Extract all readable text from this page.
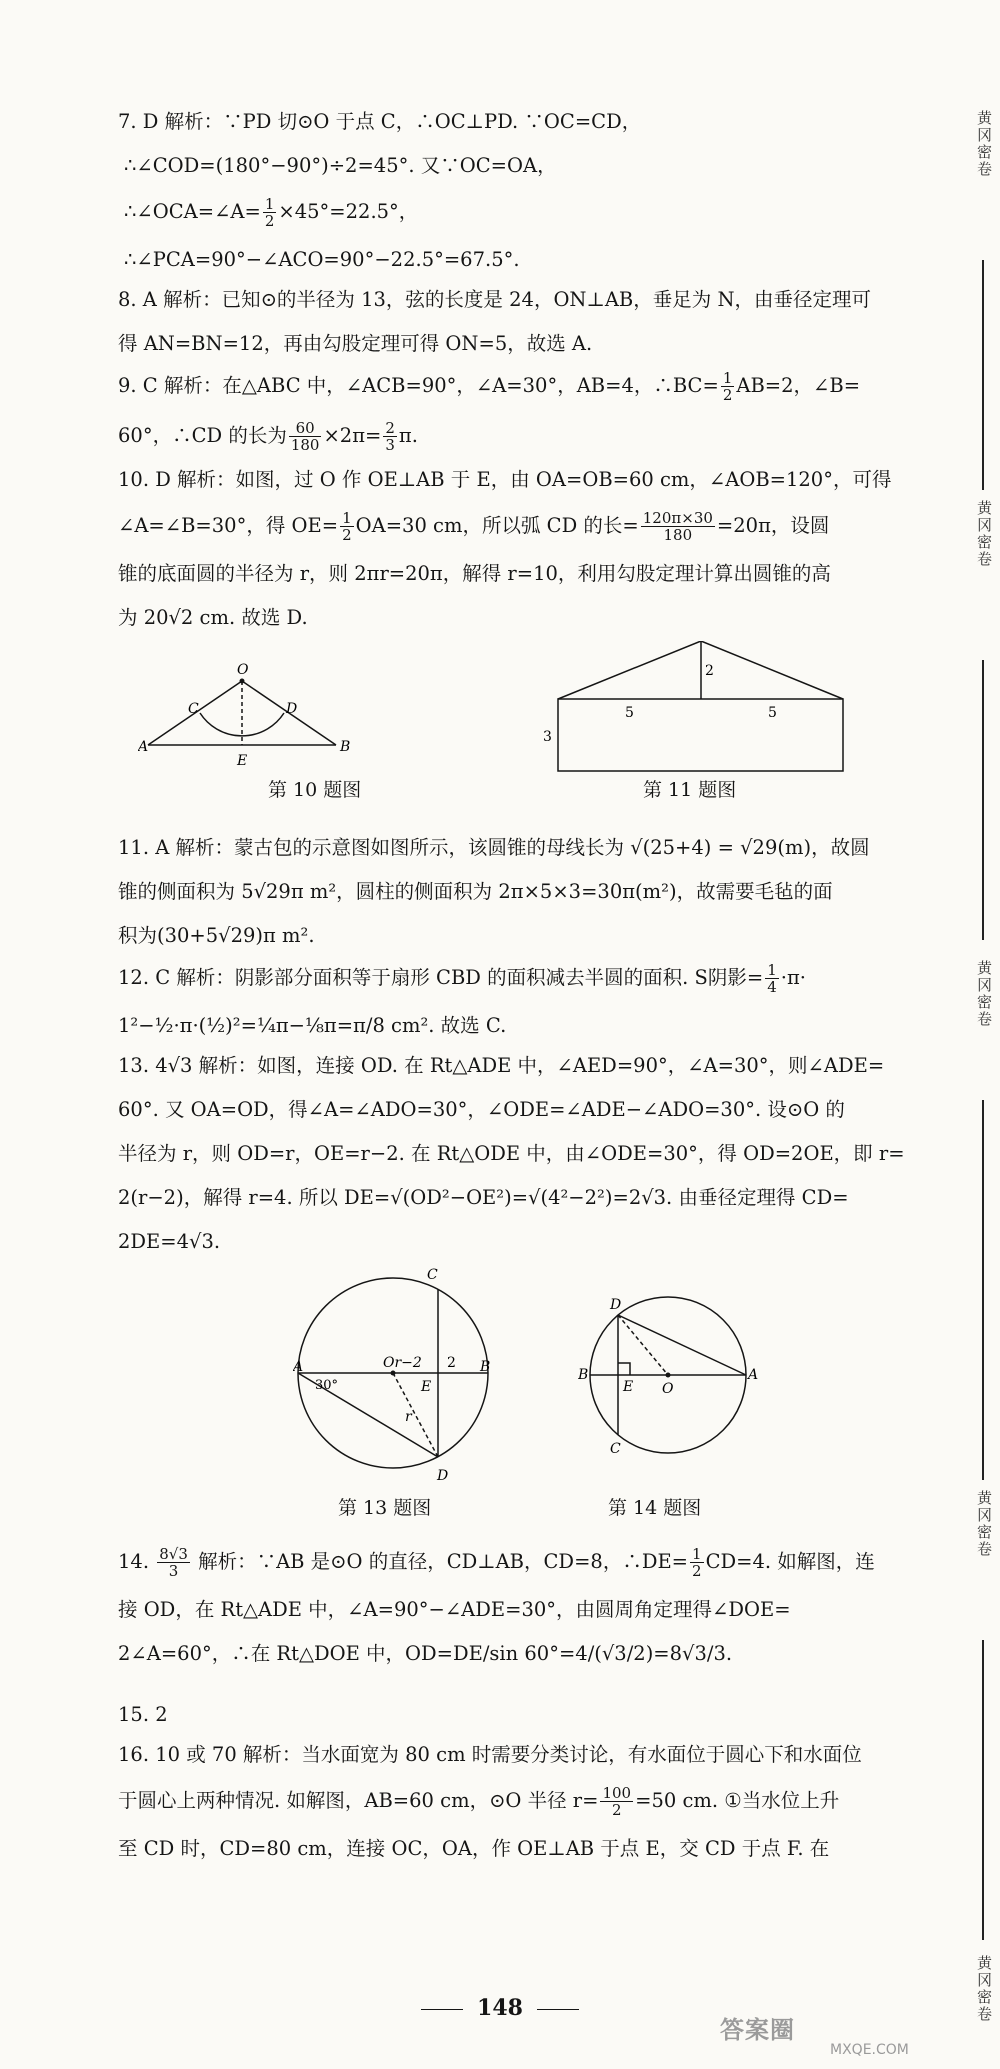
7. D 解析：∵PD 切⊙O 于点 C，∴OC⊥PD. ∵OC=CD，

∴∠COD=(180°−90°)÷2=45°. 又∵OC=OA，

∴∠OCA=∠A= $\frac{1}{2} \times 45^\circ=22.5^\circ$，

∴∠PCA=90°−∠ACO=90°−22.5°=67.5°.

8. A 解析：已知⊙的半径为 13，弦的长度是 24，ON⊥AB，垂足为 N，由垂径定理可

得 AN=BN=12，再由勾股定理可得 ON=5，故选 A.

9. C 解析：在△ABC 中，∠ACB=90°，∠A=30°，AB=4，∴BC= $\frac{1}{2} AB=2$，∠B=

60°，∴CD 的长为 $\frac{60}{180} \times 2\pi= \frac{2}{3} \pi$.

10. D 解析：如图，过 O 作 OE⊥AB 于 E，由 OA=OB=60 cm，∠AOB=120°，可得

∠A=∠B=30°，得 $OE= \frac{1}{2} OA=30$ cm，所以弧 CD 的长= $\frac{120\pi\times 30}{180} =20\pi$，设圆

锥的底面圆的半径为 r，则 2πr=20π，解得 r=10，利用勾股定理计算出圆锥的高

为 20√2 cm. 故选 D.

O
C	D
A
E
B
第 10 题图
2
5	5
3
第 11 题图

11. A 解析：蒙古包的示意图如图所示，该圆锥的母线长为 √(25+4) = √29(m)，故圆

锥的侧面积为 5√29π m²，圆柱的侧面积为 2π×5×3=30π(m²)，故需要毛毡的面

积为(30+5√29)π m².

12. C 解析：阴影部分面积等于扇形 CBD 的面积减去半圆的面积. S阴影= $\frac{1}{4} \cdot\pi\cdot$

1²−½·π·(½)²=¼π−⅛π=π/8 cm². 故选 C.

13. 4√3 解析：如图，连接 OD. 在 Rt△ADE 中，∠AED=90°，∠A=30°，则∠ADE=

60°. 又 OA=OD，得∠A=∠ADO=30°，∠ODE=∠ADE−∠ADO=30°. 设⊙O 的

半径为 r，则 OD=r，OE=r−2. 在 Rt△ODE 中，由∠ODE=30°，得 OD=2OE，即 r=

2(r−2)，解得 r=4. 所以 DE=√(OD²−OE²)=√(4²−2²)=2√3. 由垂径定理得 CD=

2DE=4√3.

A	B
C
D
E
Or−2 2
30°
r
第 13 题图
D
B
E O
A
C
第 14 题图

14. $\frac{8√3}{3}$ 解析：∵AB 是⊙O 的直径，CD⊥AB，CD=8，∴DE= $\frac{1}{2} CD=4$. 如解图，连

接 OD，在 Rt△ADE 中，∠A=90°−∠ADE=30°，由圆周角定理得∠DOE=

2∠A=60°，∴在 Rt△DOE 中，OD=DE/sin 60°=4/(√3/2)=8√3/3.

15. 2

16. 10 或 70 解析：当水面宽为 80 cm 时需要分类讨论，有水面位于圆心下和水面位

于圆心上两种情况. 如解图，AB=60 cm，⊙O 半径 $r= \frac{100}{2} =50$ cm. ①当水位上升

至 CD 时，CD=80 cm，连接 OC，OA，作 OE⊥AB 于点 E，交 CD 于点 F. 在

148
黄冈密卷
黄冈密卷
黄冈密卷
黄冈密卷
黄冈密卷
答案圈
MXQE.COM
